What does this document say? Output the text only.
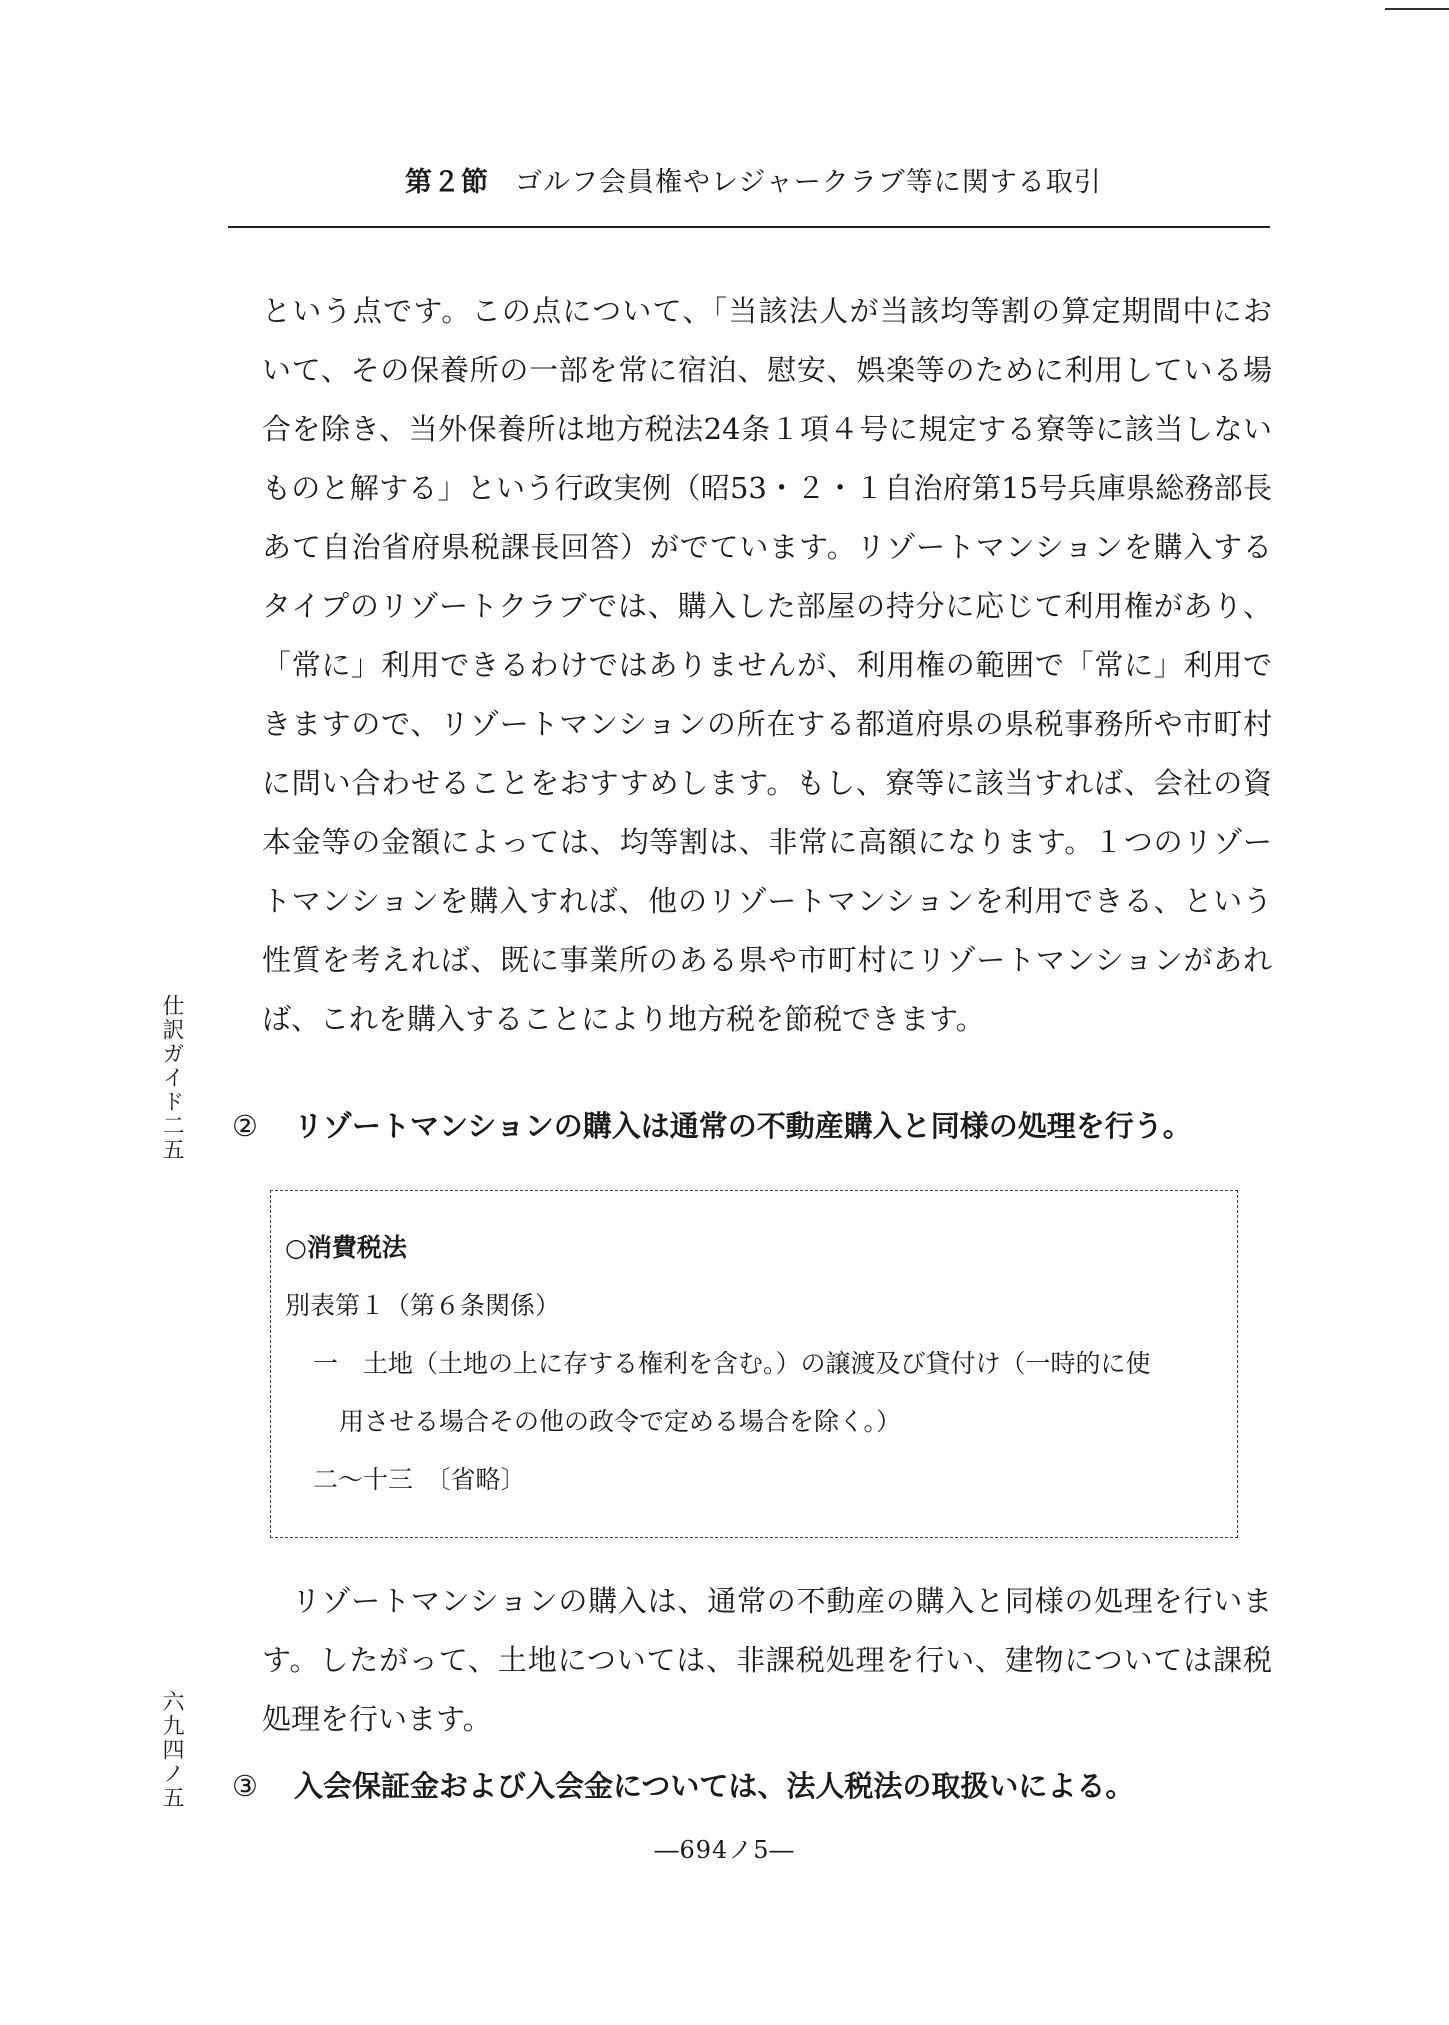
第２節 ゴルフ会員権やレジャークラブ等に関する取引
という点です。この点について、「当該法人が当該均等割の算定期間中にお
いて、その保養所の一部を常に宿泊、慰安、娯楽等のために利用している場
合を除き、当外保養所は地方税法24条１項４号に規定する寮等に該当しない
ものと解する」という行政実例（昭53・２・１自治府第15号兵庫県総務部長
あて自治省府県税課長回答）がでています。リゾートマンションを購入する
タイプのリゾートクラブでは、購入した部屋の持分に応じて利用権があり、
「常に」利用できるわけではありませんが、利用権の範囲で「常に」利用で
きますので、リゾートマンションの所在する都道府県の県税事務所や市町村
に問い合わせることをおすすめします。もし、寮等に該当すれば、会社の資
本金等の金額によっては、均等割は、非常に高額になります。１つのリゾー
トマンションを購入すれば、他のリゾートマンションを利用できる、という
性質を考えれば、既に事業所のある県や市町村にリゾートマンションがあれ
ば、これを購入することにより地方税を節税できます。
② リゾートマンションの購入は通常の不動産購入と同様の処理を行う。
○消費税法
別表第１（第６条関係）
一　土地（土地の上に存する権利を含む。）の譲渡及び貸付け（一時的に使
用させる場合その他の政令で定める場合を除く。）
二〜十三　〔省略〕
　リゾートマンションの購入は、通常の不動産の購入と同様の処理を行いま
す。したがって、土地については、非課税処理を行い、建物については課税
処理を行います。
③ 入会保証金および入会金については、法人税法の取扱いによる。
仕訳ガイド二五
六九四ノ五
―694ノ5―
